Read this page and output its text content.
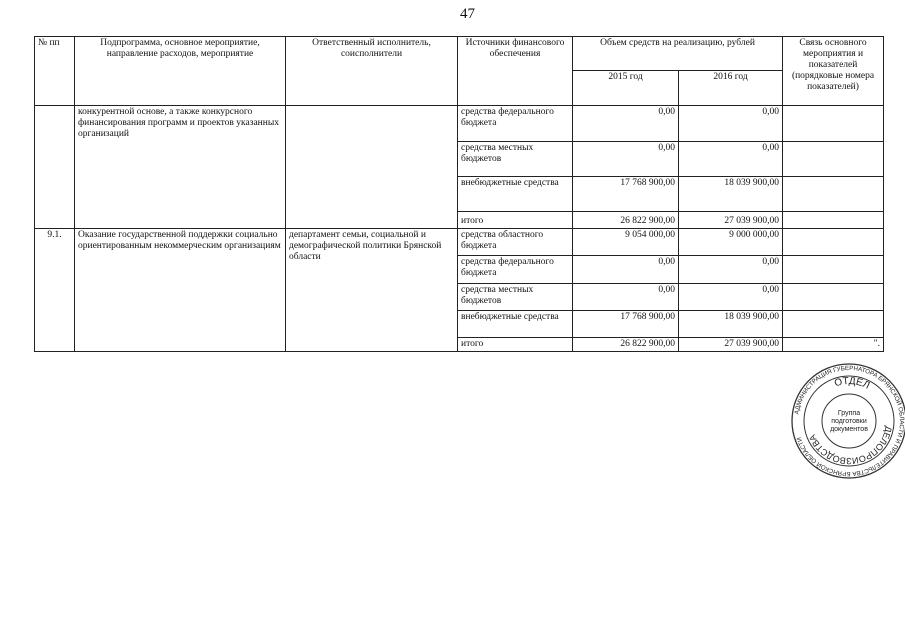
47
№ пп	Подпрограмма, основное мероприятие, направление расходов, мероприятие	Ответственный исполнитель, соисполнители	Источники финансового обеспечения	Объем средств на реализацию, рублей		Связь основного мероприятия и показателей (порядковые номера показателей)
				2015 год	2016 год	
	конкурентной основе, а также конкурсного финансирования программ и проектов указанных организаций		средства федерального бюджета	0,00	0,00	
			средства местных бюджетов	0,00	0,00	
			внебюджетные средства	17 768 900,00	18 039 900,00	
			итого	26 822 900,00	27 039 900,00	
9.1.	Оказание государственной поддержки социально ориентированным некоммерческим организациям	департамент семьи, социальной и демографической политики Брянской области	средства областного бюджета	9 054 000,00	9 000 000,00	
			средства федерального бюджета	0,00	0,00	
			средства местных бюджетов	0,00	0,00	
			внебюджетные средства	17 768 900,00	18 039 900,00	
			итого	26 822 900,00	27 039 900,00	".
АДМИНИСТРАЦИЯ ГУБЕРНАТОРА БРЯНСКОЙ ОБЛАСТИ И ПРАВИТЕЛЬСТВА БРЯНСКОЙ ОБЛАСТИ
ОТДЕЛ
ДЕЛОПРОИЗВОДСТВА
Группа
подготовки
документов
